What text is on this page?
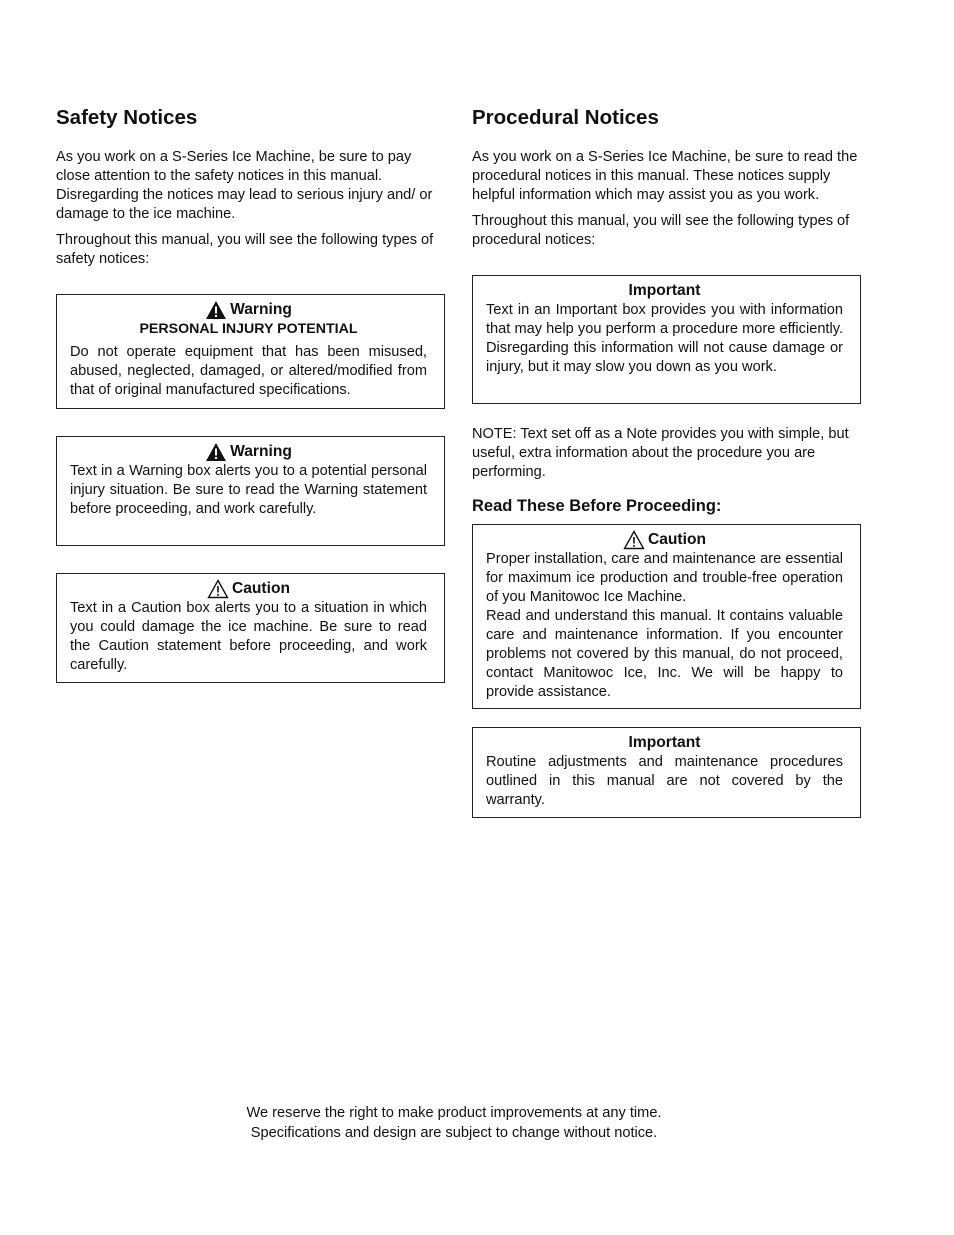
Safety Notices

As you work on a S-Series Ice Machine, be sure to pay close attention to the safety notices in this manual. Disregarding the notices may lead to serious injury and/ or damage to the ice machine.

Throughout this manual, you will see the following types of safety notices:

Warning
PERSONAL INJURY POTENTIAL

Do not operate equipment that has been misused, abused, neglected, damaged, or altered/modified from that of original manufactured specifications.

Warning

Text in a Warning box alerts you to a potential personal injury situation. Be sure to read the Warning statement before proceeding, and work carefully.

Caution

Text in a Caution box alerts you to a situation in which you could damage the ice machine. Be sure to read the Caution statement before proceeding, and work carefully.

Procedural Notices

As you work on a S-Series Ice Machine, be sure to read the procedural notices in this manual. These notices supply helpful information which may assist you as you work.

Throughout this manual, you will see the following types of procedural notices:

Important

Text in an Important box provides you with information that may help you perform a procedure more efficiently. Disregarding this information will not cause damage or injury, but it may slow you down as you work.

NOTE: Text set off as a Note provides you with simple, but useful, extra information about the procedure you are performing.

Read These Before Proceeding:
Caution

Proper installation, care and maintenance are essential for maximum ice production and trouble-free operation of you Manitowoc Ice Machine.

Read and understand this manual. It contains valuable care and maintenance information. If you encounter problems not covered by this manual, do not proceed, contact Manitowoc Ice, Inc. We will be happy to provide assistance.

Important

Routine adjustments and maintenance procedures outlined in this manual are not covered by the warranty.

We reserve the right to make product improvements at any time.
Specifications and design are subject to change without notice.
